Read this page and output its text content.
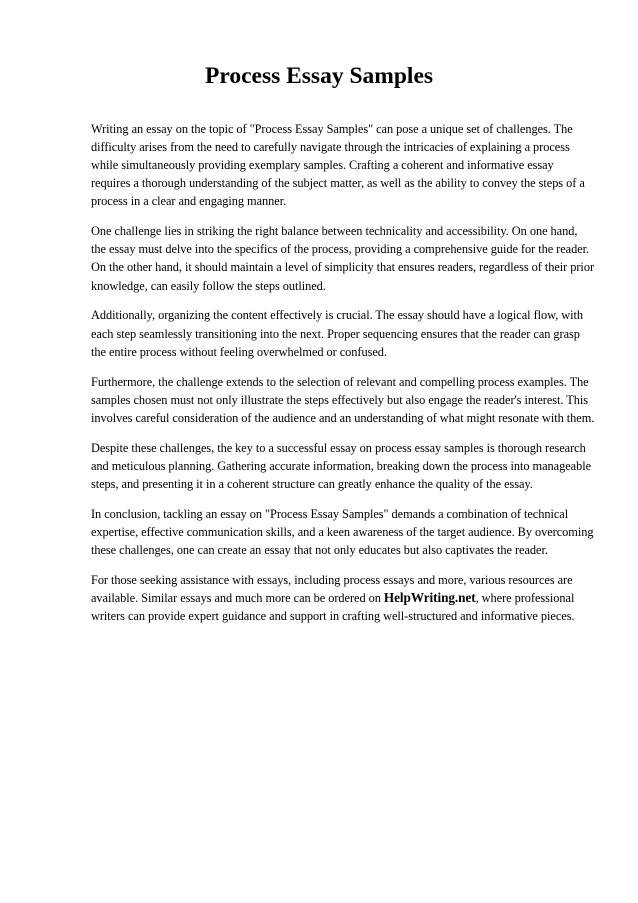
Process Essay Samples

Writing an essay on the topic of "Process Essay Samples" can pose a unique set of challenges. The difficulty arises from the need to carefully navigate through the intricacies of explaining a process while simultaneously providing exemplary samples. Crafting a coherent and informative essay requires a thorough understanding of the subject matter, as well as the ability to convey the steps of a process in a clear and engaging manner.

One challenge lies in striking the right balance between technicality and accessibility. On one hand, the essay must delve into the specifics of the process, providing a comprehensive guide for the reader. On the other hand, it should maintain a level of simplicity that ensures readers, regardless of their prior knowledge, can easily follow the steps outlined.

Additionally, organizing the content effectively is crucial. The essay should have a logical flow, with each step seamlessly transitioning into the next. Proper sequencing ensures that the reader can grasp the entire process without feeling overwhelmed or confused.

Furthermore, the challenge extends to the selection of relevant and compelling process examples. The samples chosen must not only illustrate the steps effectively but also engage the reader's interest. This involves careful consideration of the audience and an understanding of what might resonate with them.

Despite these challenges, the key to a successful essay on process essay samples is thorough research and meticulous planning. Gathering accurate information, breaking down the process into manageable steps, and presenting it in a coherent structure can greatly enhance the quality of the essay.

In conclusion, tackling an essay on "Process Essay Samples" demands a combination of technical expertise, effective communication skills, and a keen awareness of the target audience. By overcoming these challenges, one can create an essay that not only educates but also captivates the reader.

For those seeking assistance with essays, including process essays and more, various resources are available. Similar essays and much more can be ordered on HelpWriting.net, where professional writers can provide expert guidance and support in crafting well-structured and informative pieces.
